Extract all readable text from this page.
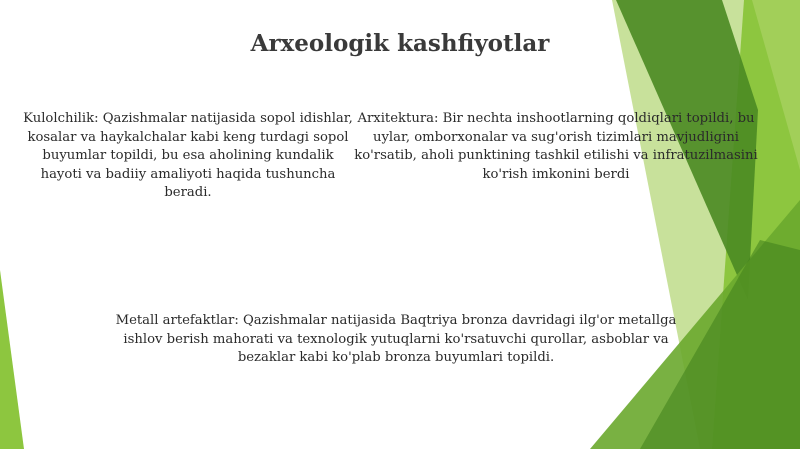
Arxeologik kashfiyotlar
Kulolchilik: Qazishmalar natijasida sopol idishlar, kosalar va haykalchalar kabi keng turdagi sopol buyumlar topildi, bu esa aholining kundalik hayoti va badiiy amaliyoti haqida tushuncha beradi.
Arxitektura: Bir nechta inshootlarning qoldiqlari topildi, bu uylar, omborxonalar va sug'orish tizimlari mavjudligini ko'rsatib, aholi punktining tashkil etilishi va infratuzilmasini ko'rish imkonini berdi
Metall artefaktlar: Qazishmalar natijasida Baqtriya bronza davridagi ilg'or metallga ishlov berish mahorati va texnologik yutuqlarni ko'rsatuvchi qurollar, asboblar va bezaklar kabi ko'plab bronza buyumlari topildi.
